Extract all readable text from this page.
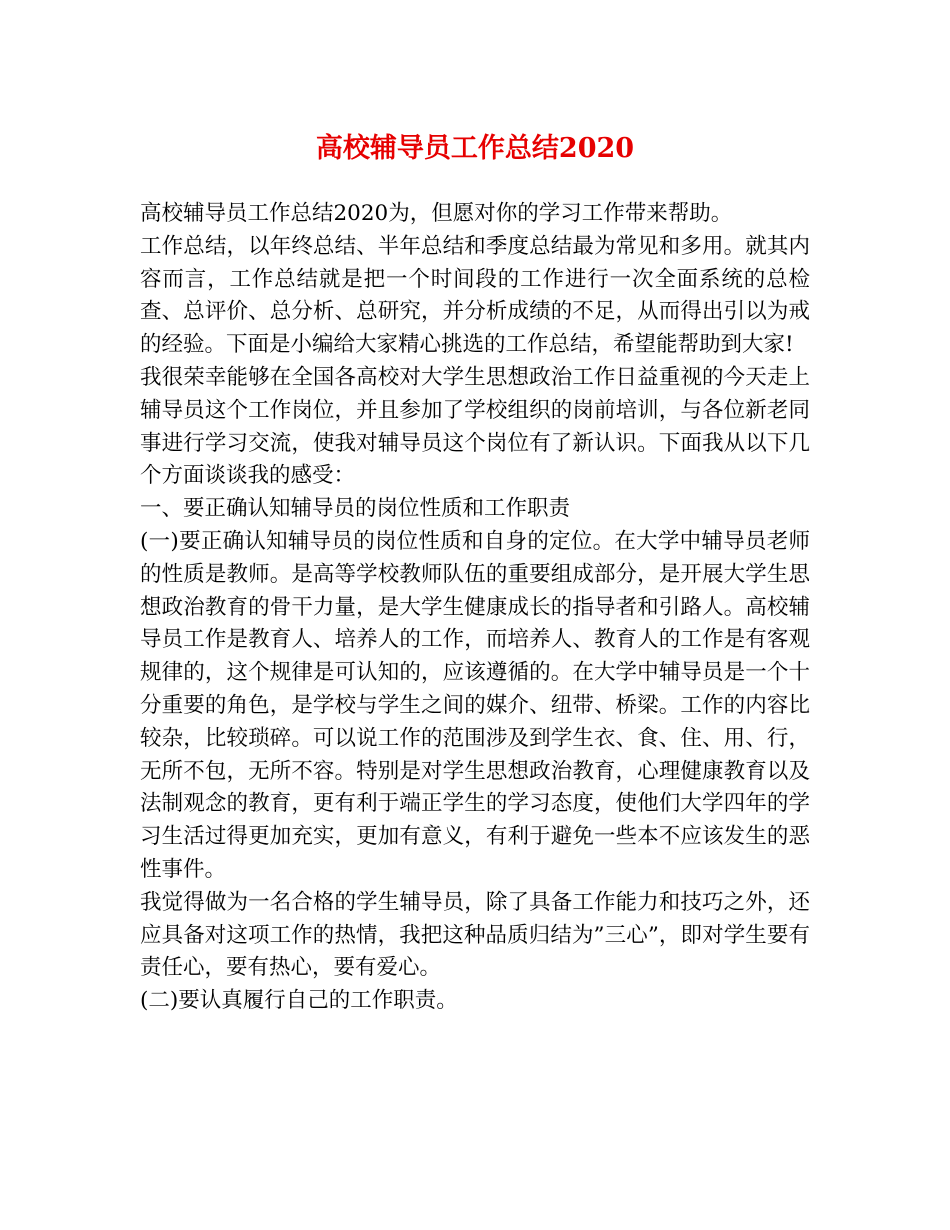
高校辅导员工作总结2020

高校辅导员工作总结2020为，但愿对你的学习工作带来帮助。

工作总结，以年终总结、半年总结和季度总结最为常见和多用。就其内容而言，工作总结就是把一个时间段的工作进行一次全面系统的总检查、总评价、总分析、总研究，并分析成绩的不足，从而得出引以为戒的经验。下面是小编给大家精心挑选的工作总结，希望能帮助到大家!

我很荣幸能够在全国各高校对大学生思想政治工作日益重视的今天走上辅导员这个工作岗位，并且参加了学校组织的岗前培训，与各位新老同事进行学习交流，使我对辅导员这个岗位有了新认识。下面我从以下几个方面谈谈我的感受：

一、要正确认知辅导员的岗位性质和工作职责

(一)要正确认知辅导员的岗位性质和自身的定位。在大学中辅导员老师的性质是教师。是高等学校教师队伍的重要组成部分，是开展大学生思想政治教育的骨干力量，是大学生健康成长的指导者和引路人。高校辅导员工作是教育人、培养人的工作，而培养人、教育人的工作是有客观规律的，这个规律是可认知的，应该遵循的。在大学中辅导员是一个十分重要的角色，是学校与学生之间的媒介、纽带、桥梁。工作的内容比较杂，比较琐碎。可以说工作的范围涉及到学生衣、食、住、用、行，无所不包，无所不容。特别是对学生思想政治教育，心理健康教育以及法制观念的教育，更有利于端正学生的学习态度，使他们大学四年的学习生活过得更加充实，更加有意义，有利于避免一些本不应该发生的恶性事件。

我觉得做为一名合格的学生辅导员，除了具备工作能力和技巧之外，还应具备对这项工作的热情，我把这种品质归结为”三心”，即对学生要有责任心，要有热心，要有爱心。

(二)要认真履行自己的工作职责。
